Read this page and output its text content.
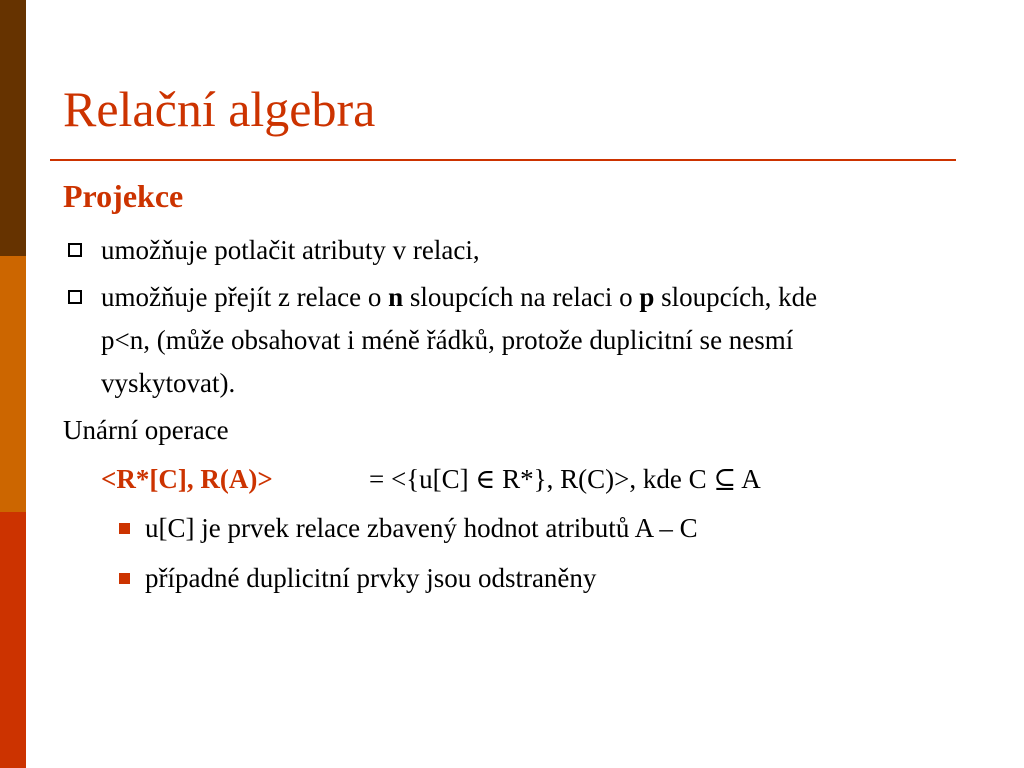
Relační algebra
Projekce
umožňuje potlačit atributy v relaci,
umožňuje přejít z relace o n sloupcích na relaci o p sloupcích, kde
p<n, (může obsahovat i méně řádků, protože duplicitní se nesmí
vyskytovat).
Unární operace
<R*[C], R(A)>	= <{u[C] ∈ R*}, R(C)>, kde C ⊆ A
u[C] je prvek relace zbavený hodnot atributů A – C
případné duplicitní prvky jsou odstraněny
